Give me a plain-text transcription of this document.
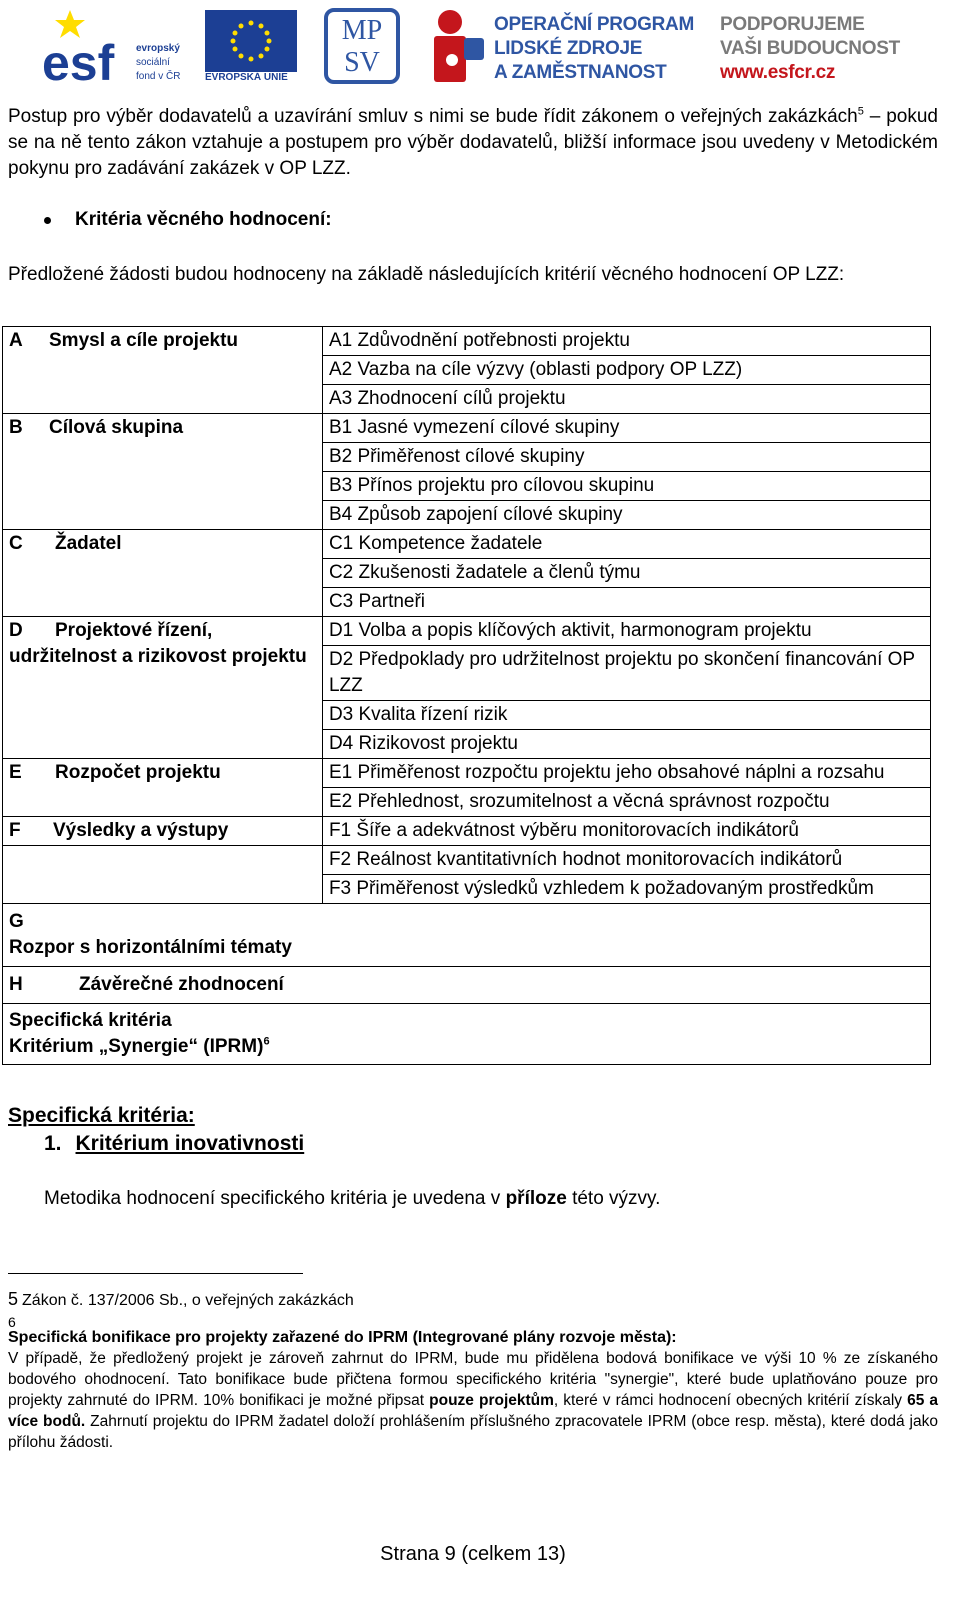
esf evropský
sociální
fond v ČR EVROPSKÁ UNIE
MP
SV
OPERAČNÍ PROGRAM
LIDSKÉ ZDROJE
A ZAMĚSTNANOST
PODPORUJEME
VAŠI BUDOUCNOST
www.esfcr.cz
Postup pro výběr dodavatelů a uzavírání smluv s nimi se bude řídit zákonem o veřejných zakázkách$^5$ – pokud se na ně tento zákon vztahuje a postupem pro výběr dodavatelů, bližší informace jsou uvedeny v Metodickém pokynu pro zadávání zakázek v OP LZZ.
Kritéria věcného hodnocení:
Předložené žádosti budou hodnoceny na základě následujících kritérií věcného hodnocení OP LZZ:
A Smysl a cíle projektu	A1 Zdůvodnění potřebnosti projektu
	A2 Vazba na cíle výzvy (oblasti podpory OP LZZ)
	A3 Zhodnocení cílů projektu
B Cílová skupina	B1 Jasné vymezení cílové skupiny
	B2 Přiměřenost cílové skupiny
	B3 Přínos projektu pro cílovou skupinu
	B4 Způsob zapojení cílové skupiny
C Žadatel	C1 Kompetence žadatele
	C2 Zkušenosti žadatele a členů týmu
	C3 Partneři
D Projektové řízení, udržitelnost a rizikovost projektu	D1 Volba a popis klíčových aktivit, harmonogram projektu
	D2 Předpoklady pro udržitelnost projektu po skončení financování OP LZZ
	D3 Kvalita řízení rizik
	D4 Rizikovost projektu
E Rozpočet projektu	E1 Přiměřenost rozpočtu projektu jeho obsahové náplni a rozsahu
	E2 Přehlednost, srozumitelnost a věcná správnost rozpočtu
F Výsledky a výstupy	F1 Šíře a adekvátnost výběru monitorovacích indikátorů
	F2 Reálnost kvantitativních hodnot monitorovacích indikátorů
	F3 Přiměřenost výsledků vzhledem k požadovaným prostředkům
GRozpor s horizontálními tématy	
H Závěrečné zhodnocení	

Specifická kritéria
Kritérium „Synergie“ (IPRM)$^6$

Specifická kritéria:
1. Kritérium inovativnosti
Metodika hodnocení specifického kritéria je uvedena v příloze této výzvy.
5 Zákon č. 137/2006 Sb., o veřejných zakázkách
6
Specifická bonifikace pro projekty zařazené do IPRM (Integrované plány rozvoje města):
V případě, že předložený projekt je zároveň zahrnut do IPRM, bude mu přidělena bodová bonifikace ve výši 10 % ze získaného bodového ohodnocení. Tato bonifikace bude přičtena formou specifického kritéria "synergie", které bude uplatňováno pouze pro projekty zahrnuté do IPRM. 10% bonifikaci je možné připsat pouze projektům, které v rámci hodnocení obecných kritérií získaly 65 a více bodů. Zahrnutí projektu do IPRM žadatel doloží prohlášením příslušného zpracovatele IPRM (obce resp. města), které dodá jako přílohu žádosti.
Strana 9 (celkem 13)
